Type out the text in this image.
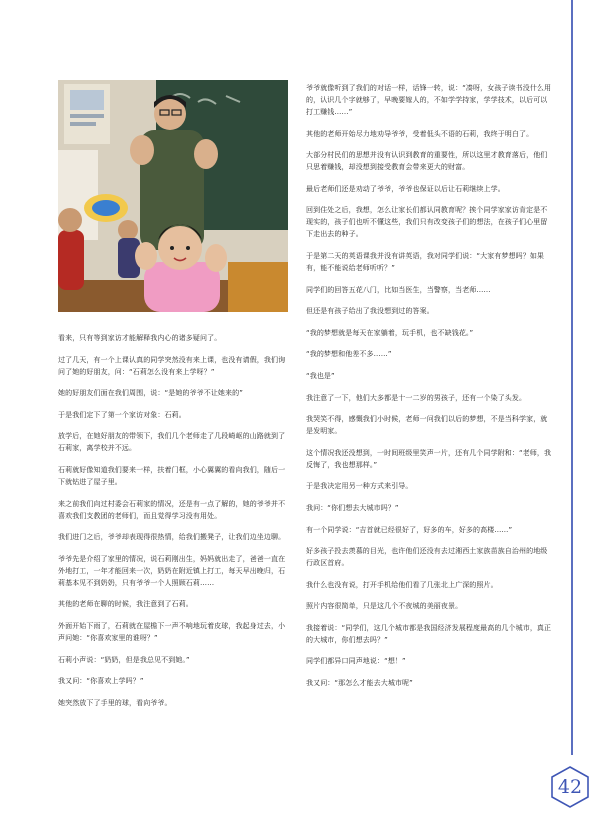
看来，只有等到家访才能解释我内心的诸多疑问了。

过了几天，有一个上课认真的同学突然没有来上课，也没有请假，我们询问了她的好朋友，问：“石莉怎么没有来上学呀？”

她的好朋友们面在我们周围，说：“是她的爷爷不让她来的”

于是我们定下了第一个家访对象：石莉。

放学后，在她好朋友的带领下，我们几个老师走了几段崎岖的山路就到了石莉家，离学校并不远。

石莉就好像知道我们要来一样，扶着门框，小心翼翼的看向我们，随后一下就钻进了屋子里。

来之前我们向过村委会石莉家的情况，还是有一点了解的，她的爷爷并不喜欢我们支教团的老师们，而且觉得学习没有用处。

我们进门之后，爷爷却表现得很热情，给我们搬凳子，让我们边坐边聊。

爷爷先是介绍了家里的情况，说石莉刚出生，妈妈就出走了，爸爸一直在外地打工，一年才能回来一次，奶奶在附近镇上打工，每天早出晚归，石莉基本见不到奶奶，只有爷爷一个人照顾石莉……

其他的老师在聊的时候，我注意到了石莉。

外面开始下雨了，石莉就在屋檐下一声不响地玩着皮球，我起身过去，小声问她：“你喜欢家里的谁呀？”

石莉小声说：“奶奶，但是我总见不到她。”

我又问：“你喜欢上学吗？”

她突然放下了手里的球，看向爷爷。

爷爷就像听到了我们的对话一样，话锋一转，说：“凑呀，女孩子读书没什么用的，认识几个字就够了，早晚要嫁人的，不如学学持家，学学技术，以后可以打工赚钱……”

其他的老师开始尽力地劝导爷爷，受着低头不语的石莉，我终于明白了。

大部分村民们的思想并没有认识到教育的重要性，所以这里才教育落后，他们只思着赚钱，却没想到接受教育会带来更大的财富。

最后老师们还是劝动了爷爷，爷爷也保证以后让石莉继续上学。

回到住处之后，我想，怎么让家长们都认同教育呢？挨个同学家家访肯定是不现实的，孩子们也听不懂这些，我们只有改变孩子们的想法，在孩子们心里留下走出去的种子。

于是第二天的英语课我并没有讲英语，我对同学们说：“大家有梦想吗？如果有，能不能说给老师听听？”

同学们的回答五花八门，比如当医生，当警察，当老师……

但还是有孩子给出了我没想到过的答案。

“我的梦想就是每天在家躺着，玩手机，也不缺钱花。”

“我的梦想和他差不多……”

“我也是”

我注意了一下，他们大多都是十一二岁的男孩子，还有一个染了头发。

我哭笑不得，感慨我们小时候，老师一问我们以后的梦想，不是当科学家，就是发明家。

这个情况我还没想到，一时间班级里笑声一片，还有几个同学附和：“老师，我反悔了，我也想那样。”

于是我决定用另一种方式来引导。

我问：“你们想去大城市吗？”

有一个同学说：“吉首就已经很好了，好多的车，好多的高楼……”

好多孩子投去羡慕的目光，也许他们还没有去过湘西土家族苗族自治州的地级行政区首府。

我什么也没有说，打开手机给他们看了几张北上广深的照片。

照片内容很简单，只是这几个不夜城的美丽夜景。

我接着说：“同学们，这几个城市都是我国经济发展程度最高的几个城市，真正的大城市，你们想去吗？”

同学们都异口同声地说：“想！”

我又问：“那怎么才能去大城市呢”

42
